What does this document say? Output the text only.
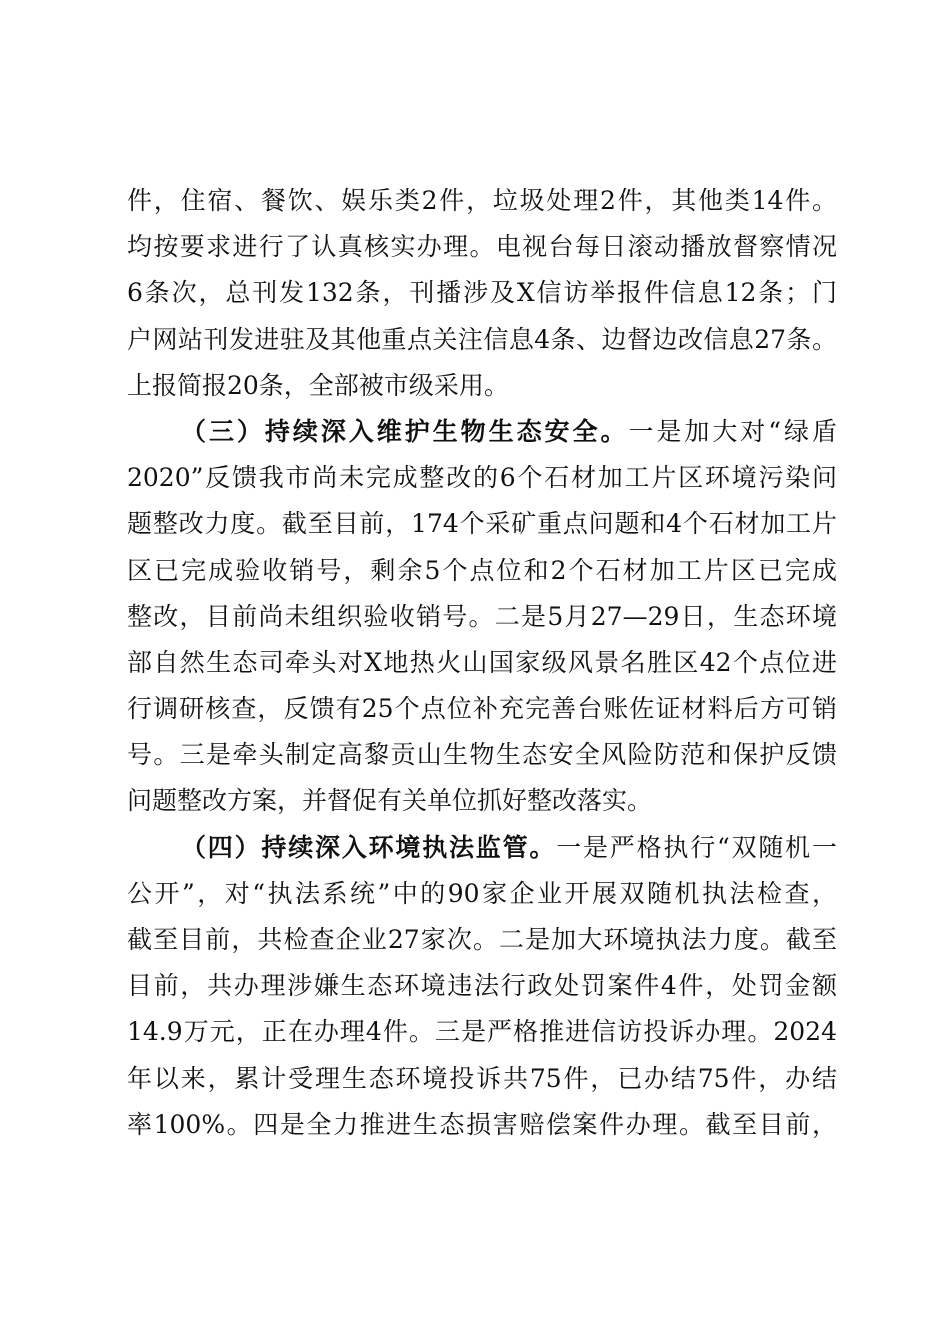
件，住宿、餐饮、娱乐类2件，垃圾处理2件，其他类14件。
均按要求进行了认真核实办理。电视台每日滚动播放督察情况
6条次，总刊发132条，刊播涉及X信访举报件信息12条；门
户网站刊发进驻及其他重点关注信息4条、边督边改信息27条。
上报简报20条，全部被市级采用。
（三）持续深入维护生物生态安全。一是加大对“绿盾
2020”反馈我市尚未完成整改的6个石材加工片区环境污染问
题整改力度。截至目前，174个采矿重点问题和4个石材加工片
区已完成验收销号，剩余5个点位和2个石材加工片区已完成
整改，目前尚未组织验收销号。二是5月27—29日，生态环境
部自然生态司牵头对X地热火山国家级风景名胜区42个点位进
行调研核查，反馈有25个点位补充完善台账佐证材料后方可销
号。三是牵头制定高黎贡山生物生态安全风险防范和保护反馈
问题整改方案，并督促有关单位抓好整改落实。
（四）持续深入环境执法监管。一是严格执行“双随机一
公开”，对“执法系统”中的90家企业开展双随机执法检查，
截至目前，共检查企业27家次。二是加大环境执法力度。截至
目前，共办理涉嫌生态环境违法行政处罚案件4件，处罚金额
14.9万元，正在办理4件。三是严格推进信访投诉办理。2024
年以来，累计受理生态环境投诉共75件，已办结75件，办结
率100%。四是全力推进生态损害赔偿案件办理。截至目前，
